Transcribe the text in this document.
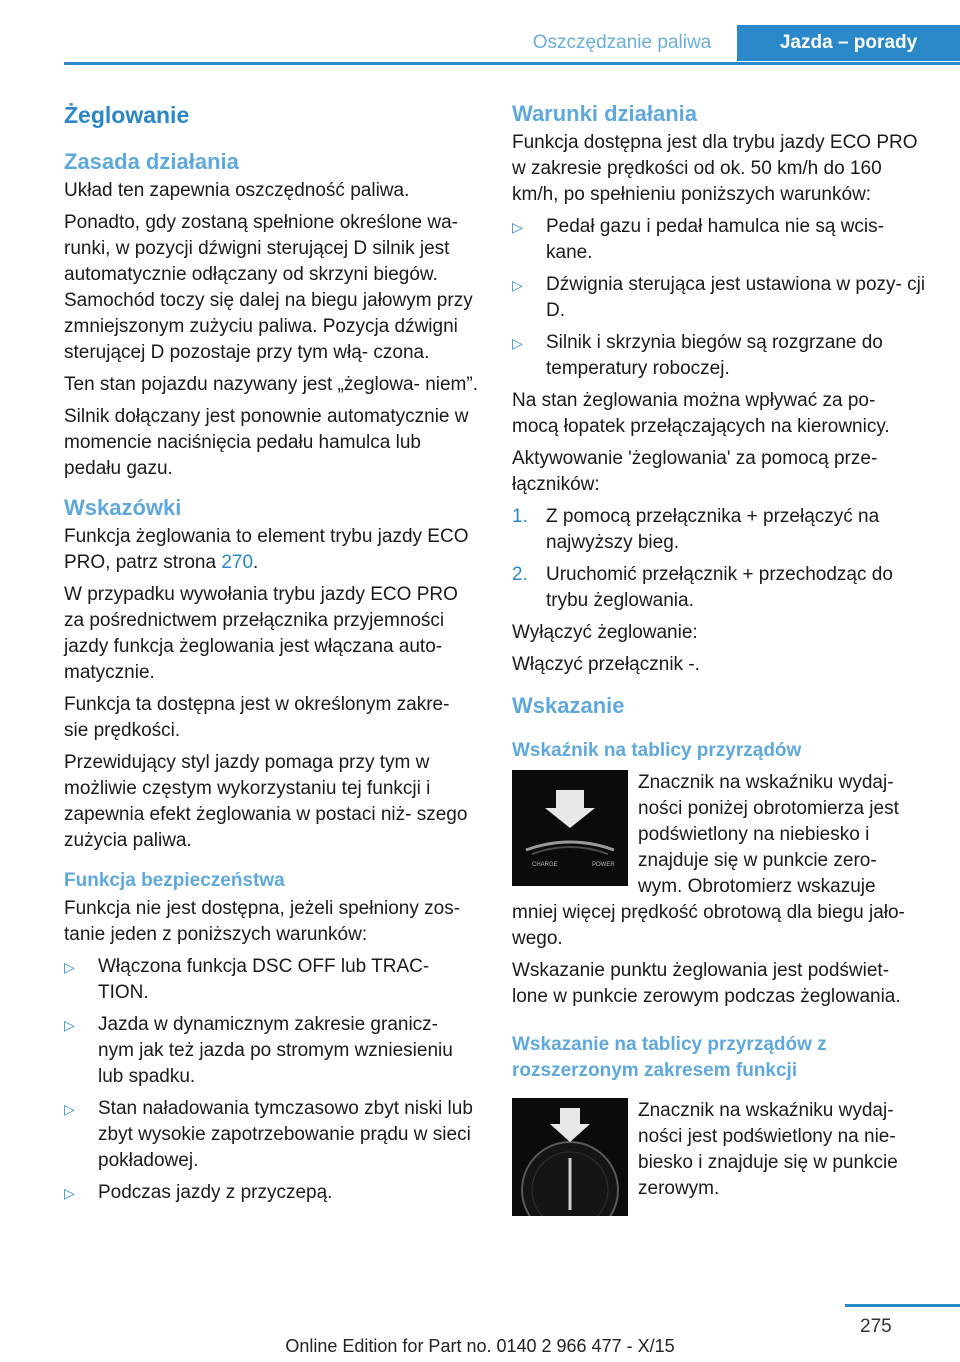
Oszczędzanie paliwa	Jazda – porady
Żeglowanie
Zasada działania

Układ ten zapewnia oszczędność paliwa.

Ponadto, gdy zostaną spełnione określone wa‐ runki, w pozycji dźwigni sterującej D silnik jest automatycznie odłączany od skrzyni biegów. Samochód toczy się dalej na biegu jałowym przy zmniejszonym zużyciu paliwa. Pozycja dźwigni sterującej D pozostaje przy tym włą‐ czona.

Ten stan pojazdu nazywany jest „żeglowa‐ niem”.

Silnik dołączany jest ponownie automatycznie w momencie naciśnięcia pedału hamulca lub pedału gazu.

Wskazówki

Funkcja żeglowania to element trybu jazdy ECO PRO, patrz strona 270.

W przypadku wywołania trybu jazdy ECO PRO za pośrednictwem przełącznika przyjemności jazdy funkcja żeglowania jest włączana auto‐ matycznie.

Funkcja ta dostępna jest w określonym zakre‐ sie prędkości.

Przewidujący styl jazdy pomaga przy tym w możliwie częstym wykorzystaniu tej funkcji i zapewnia efekt żeglowania w postaci niż‐ szego zużycia paliwa.

Funkcja bezpieczeństwa

Funkcja nie jest dostępna, jeżeli spełniony zos‐ tanie jeden z poniższych warunków:

▷ Włączona funkcja DSC OFF lub TRAC‐ TION.
▷ Jazda w dynamicznym zakresie granicz‐ nym jak też jazda po stromym wzniesieniu lub spadku.
▷ Stan naładowania tymczasowo zbyt niski lub zbyt wysokie zapotrzebowanie prądu w sieci pokładowej.
▷ Podczas jazdy z przyczepą.
Warunki działania

Funkcja dostępna jest dla trybu jazdy ECO PRO w zakresie prędkości od ok. 50 km/h do 160 km/h, po spełnieniu poniższych warunków:

▷ Pedał gazu i pedał hamulca nie są wcis‐ kane.
▷ Dźwignia sterująca jest ustawiona w pozy‐ cji D.
▷ Silnik i skrzynia biegów są rozgrzane do temperatury roboczej.

Na stan żeglowania można wpływać za po‐ mocą łopatek przełączających na kierownicy.

Aktywowanie 'żeglowania' za pomocą prze‐ łączników:

1. Z pomocą przełącznika + przełączyć na najwyższy bieg.
2. Uruchomić przełącznik + przechodząc do trybu żeglowania.

Wyłączyć żeglowanie:

Włączyć przełącznik -.

Wskazanie
Wskaźnik na tablicy przyrządów
CHARGE	POWER
Znacznik na wskaźniku wydaj‐ ności poniżej obrotomierza jest podświetlony na niebiesko i znajduje się w punkcie zero‐ wym. Obrotomierz wskazuje

mniej więcej prędkość obrotową dla biegu jało‐ wego.

Wskazanie punktu żeglowania jest podświet‐ lone w punkcie zerowym podczas żeglowania.

Wskazanie na tablicy przyrządów z rozszerzonym zakresem funkcji
Znacznik na wskaźniku wydaj‐ ności jest podświetlony na nie‐ biesko i znajduje się w punkcie zerowym.
275
Online Edition for Part no. 0140 2 966 477 - X/15
